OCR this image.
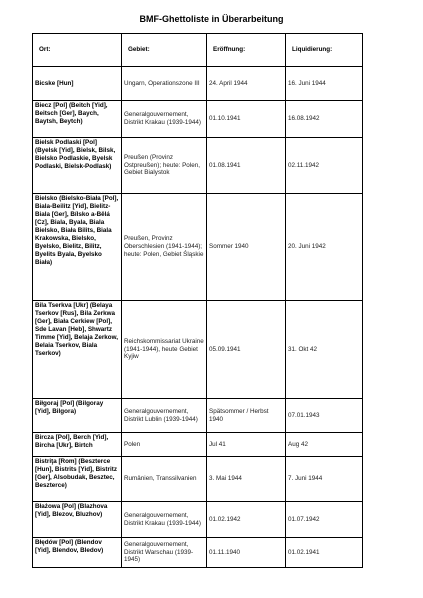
BMF-Ghettoliste in Überarbeitung
Ort:	Gebiet:	Eröffnung:	Liquidierung:
Bicske [Hun]	Ungarn, Operationszone III	24. April 1944	16. Juni 1944
Biecz [Pol] (Beitch [Yid], Beitsch [Ger], Baych, Baytsh, Beytch)	Generalgouvernement, Distrikt Krakau (1939-1944)	01.10.1941	16.08.1942
Bielsk Podlaski [Pol] (Byelsk [Yid], Bielsk, Bilsk, Bielsko Podlaskie, Byelsk Podlaski, Bielsk-Podlask)	Preußen (Provinz Ostpreußen); heute: Polen, Gebiet Bialystok	01.08.1941	02.11.1942
Bielsko (Bielsko-Biała [Pol], Biala-Beilitz [Yid], Bielitz-Biala [Ger], Bílsko a-Bělá [Cz], Biala, Byala, Biala Bielsko, Biała Bilits, Biala Krakowska, Bielsko, Byelsko, Bielitz, Bilitz, Byelits Byala, Byelsko Biała)	Preußen, Provinz Oberschlesien (1941-1944); heute: Polen, Gebiet Śląskie	Sommer 1940	20. Juni 1942
Bila Tserkva [Ukr] (Belaya Tserkov [Rus], Bila Zerkwa [Ger], Biała Cerkiew [Pol], Sde Lavan [Heb], Shwartz Timme [Yid], Belaja Zerkow, Belaia Tserkov, Biala Tserkov)	Reichskommissariat Ukraine (1941-1944), heute Gebiet Kyjiw	05.09.1941	31. Okt 42
Biłgoraj [Pol] (Bilgoray [Yid], Bilgora)	Generalgouvernement, Distrikt Lublin (1939-1944)	Spätsommer / Herbst 1940	07.01.1943
Bircza [Pol], Berch [Yid], Bircha [Ukr], Birtch	Polen	Jul 41	Aug 42
Bistriţa [Rom] (Beszterce [Hun], Bistrits [Yid], Bistritz [Ger], Alsobudak, Besztec, Beszterce)	Rumänien, Transsilvanien	3. Mai 1944	7. Juni 1944
Błażowa [Pol] (Blazhova [Yid], Blezov, Bluzhov)	Generalgouvernement, Distrikt Krakau (1939-1944)	01.02.1942	01.07.1942
Błędów [Pol] (Blendov [Yid], Blendov, Bledov)	Generalgouvernement, Distrikt Warschau (1939-1945)	01.11.1940	01.02.1941
